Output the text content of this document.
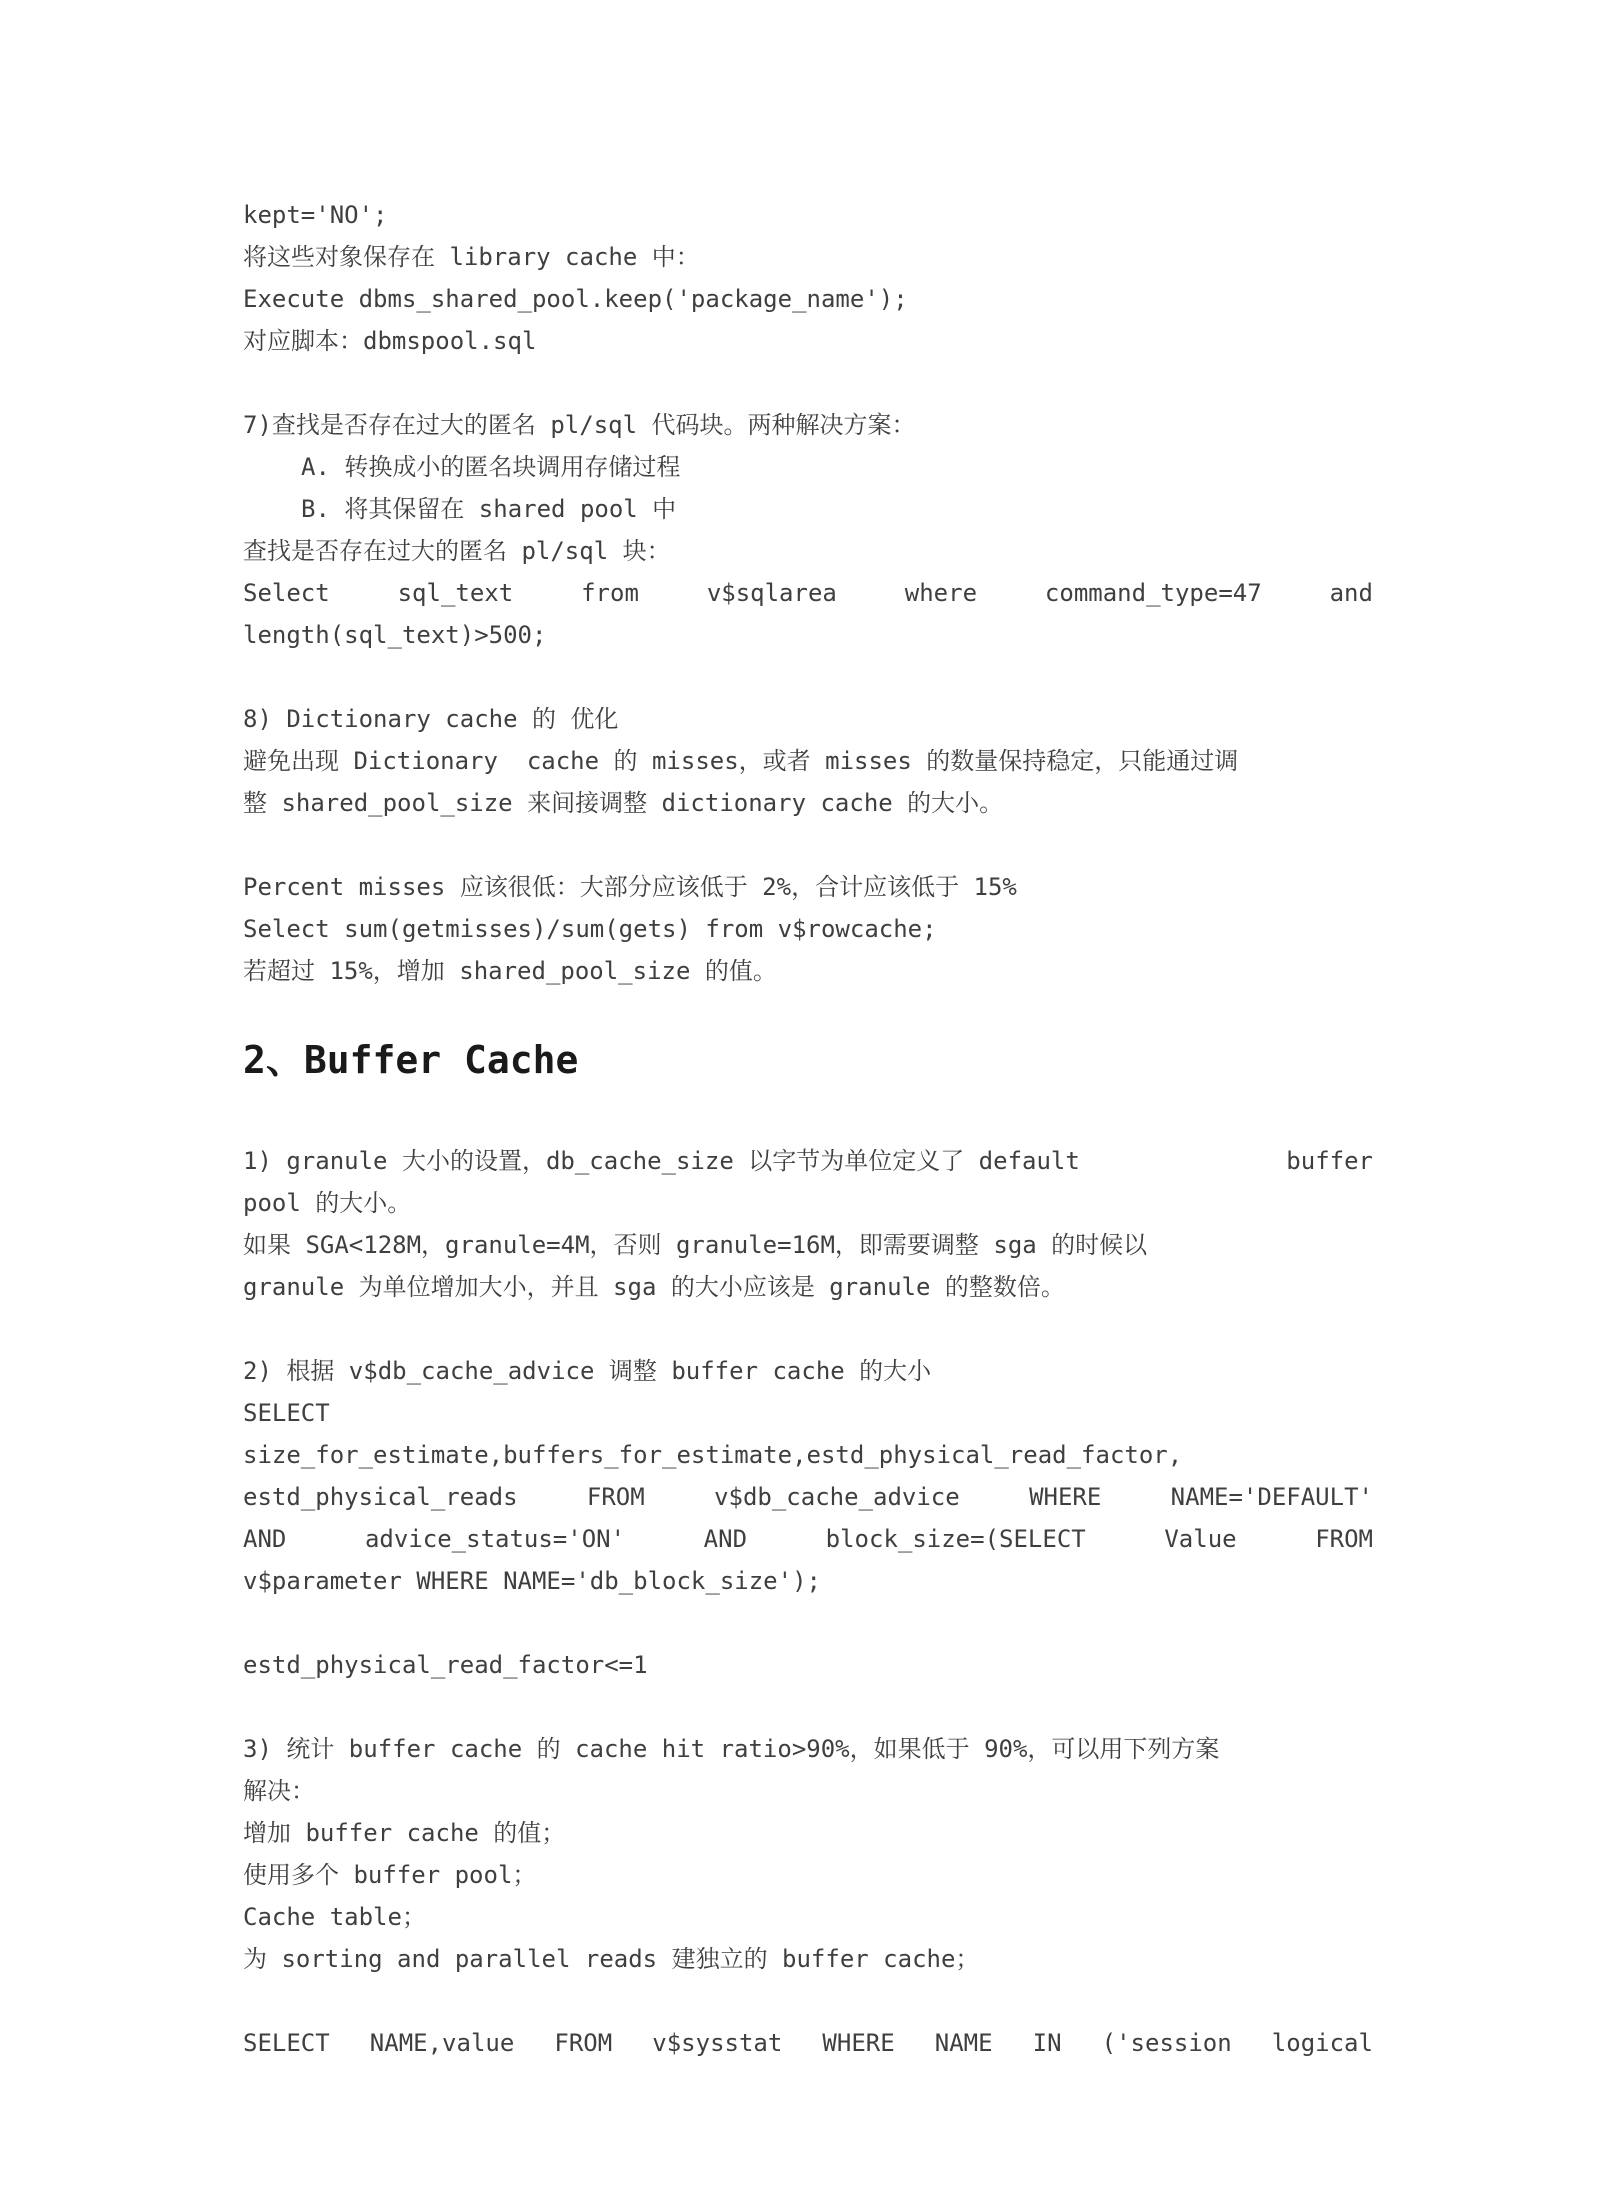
kept='NO';
将这些对象保存在 library cache 中：
Execute dbms_shared_pool.keep('package_name');
对应脚本：dbmspool.sql
7)查找是否存在过大的匿名 pl/sql 代码块。两种解决方案：
A. 转换成小的匿名块调用存储过程
B. 将其保留在 shared pool 中
查找是否存在过大的匿名 pl/sql 块：
Select	sql_text	from	v$sqlarea	where	command_type=47	and
length(sql_text)>500;
8) Dictionary cache 的 优化
避免出现 Dictionary  cache 的 misses，或者 misses 的数量保持稳定，只能通过调
整 shared_pool_size 来间接调整 dictionary cache 的大小。
Percent misses 应该很低：大部分应该低于 2%，合计应该低于 15%
Select sum(getmisses)/sum(gets) from v$rowcache;
若超过 15%，增加 shared_pool_size 的值。
2、Buffer Cache
1) granule 大小的设置，db_cache_size 以字节为单位定义了 default	buffer
pool 的大小。
如果 SGA<128M，granule=4M，否则 granule=16M，即需要调整 sga 的时候以
granule 为单位增加大小，并且 sga 的大小应该是 granule 的整数倍。
2) 根据 v$db_cache_advice 调整 buffer cache 的大小
SELECT
size_for_estimate,buffers_for_estimate,estd_physical_read_factor,
estd_physical_reads	FROM	v$db_cache_advice	WHERE	NAME='DEFAULT'
AND	advice_status='ON'	AND	block_size=(SELECT	Value	FROM
v$parameter WHERE NAME='db_block_size');
estd_physical_read_factor<=1
3) 统计 buffer cache 的 cache hit ratio>90%，如果低于 90%，可以用下列方案
解决：
增加 buffer cache 的值；
使用多个 buffer pool；
Cache table；
为 sorting and parallel reads 建独立的 buffer cache；
SELECT NAME,value FROM v$sysstat WHERE NAME IN ('session logical
